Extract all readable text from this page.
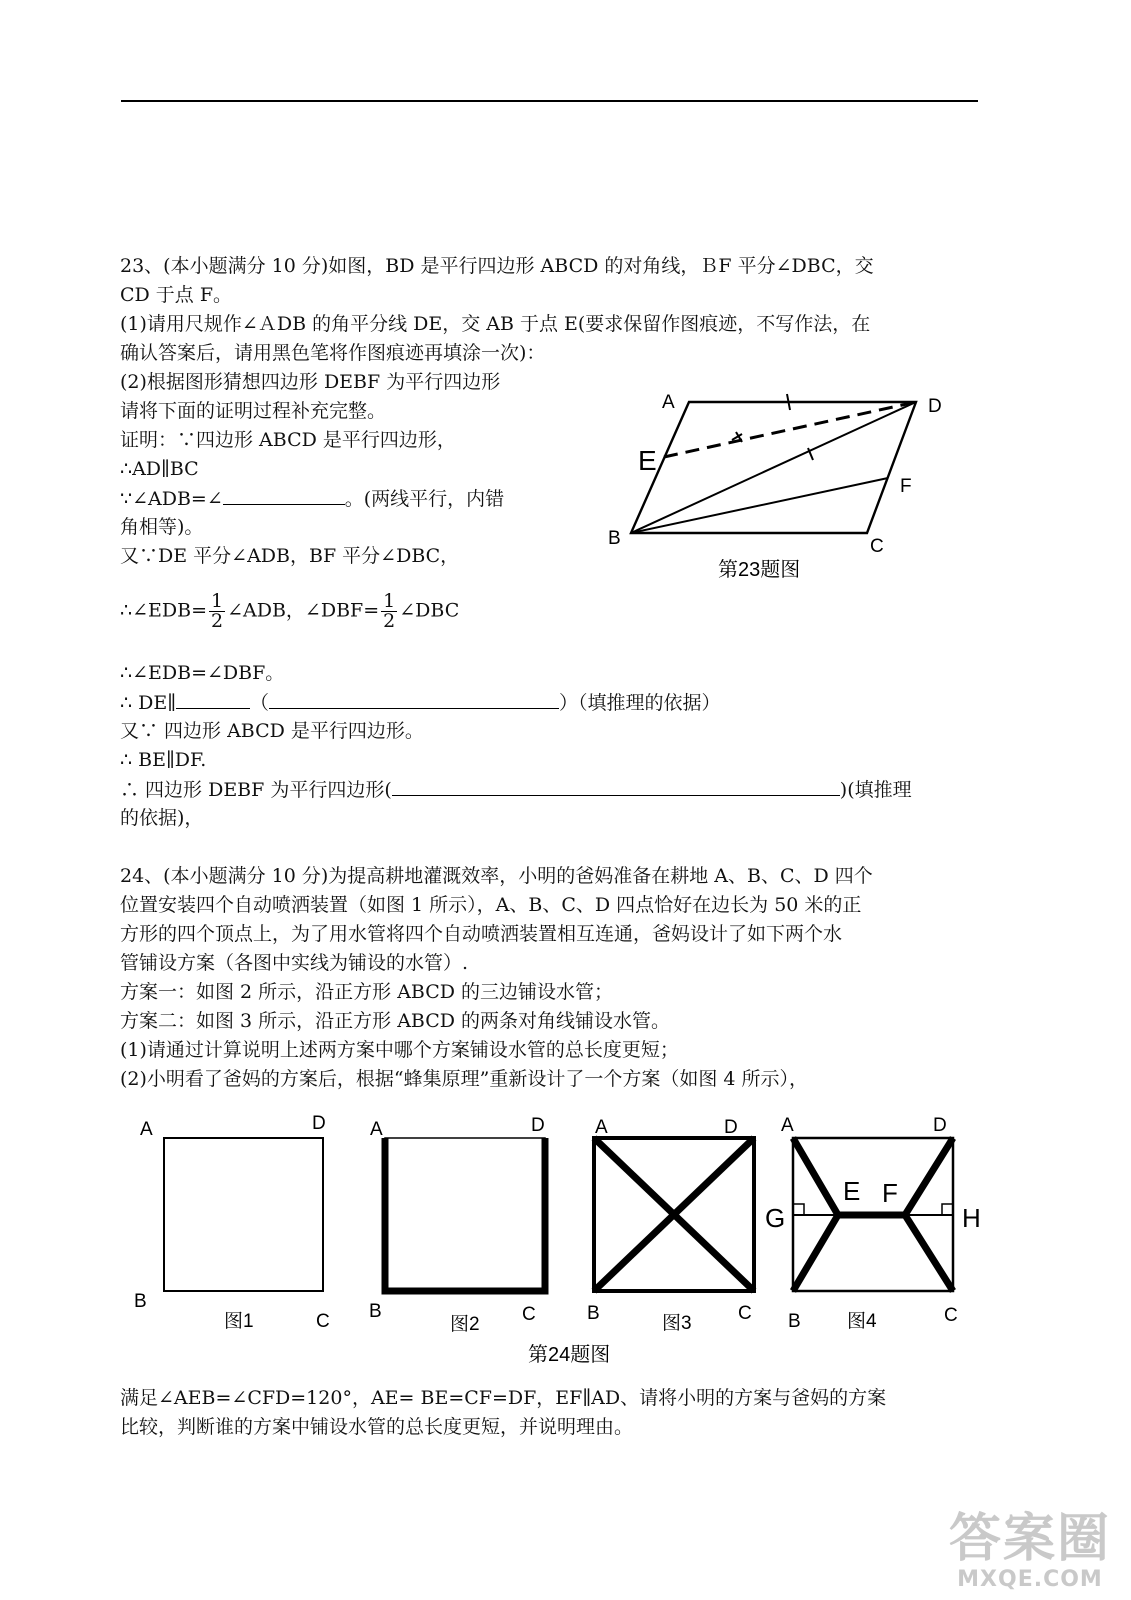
23、(本小题满分 10 分)如图，BD 是平行四边形 ABCD 的对角线，ＢF 平分∠DBC，交
CD 于点 F。
(1)请用尺规作∠ＡDB 的角平分线 DE，交 AB 于点 E(要求保留作图痕迹，不写作法，在
确认答案后，请用黑色笔将作图痕迹再填涂一次)：
(2)根据图形猜想四边形 DEBF 为平行四边形
请将下面的证明过程补充完整。
证明：∵四边形 ABCD 是平行四边形，
∴AD∥BC
∵∠ADB=∠	。(两线平行，内错
角相等)。
又∵DE 平分∠ADB，BF 平分∠DBC，
∴∠EDB= $\frac{1}{2}$ ∠ADB，∠DBF= $\frac{1}{2}$ ∠DBC
∴∠EDB=∠DBF。
∴ DE∥	（	）（填推理的依据）
又∵ 四边形 ABCD 是平行四边形。
∴ BE∥DF.
∴ 四边形 DEBF 为平行四边形(	)(填推理
的依据)，
A	D
E
F
B	C
第23题图
24、(本小题满分 10 分)为提高耕地灌溉效率，小明的爸妈准备在耕地 A、B、C、D 四个
位置安装四个自动喷洒装置（如图 1 所示），A、B、C、D 四点恰好在边长为 50 米的正
方形的四个顶点上，为了用水管将四个自动喷洒装置相互连通，爸妈设计了如下两个水
管铺设方案（各图中实线为铺设的水管）.
方案一：如图 2 所示，沿正方形 ABCD 的三边铺设水管；
方案二：如图 3 所示，沿正方形 ABCD 的两条对角线铺设水管。
(1)请通过计算说明上述两方案中哪个方案铺设水管的总长度更短；
(2)小明看了爸妈的方案后，根据“蜂集原理”重新设计了一个方案（如图 4 所示），
A	D
B
C
图1
A	D
B	C
图2
A	D
B	C
图3
A	D
E F
G	H
B	C
图4
第24题图
满足∠AEB=∠CFD=120°，AE= BE=CF=DF，EF∥AD、请将小明的方案与爸妈的方案
比较，判断谁的方案中铺设水管的总长度更短，并说明理由。
答案圈
MXQE.COM
